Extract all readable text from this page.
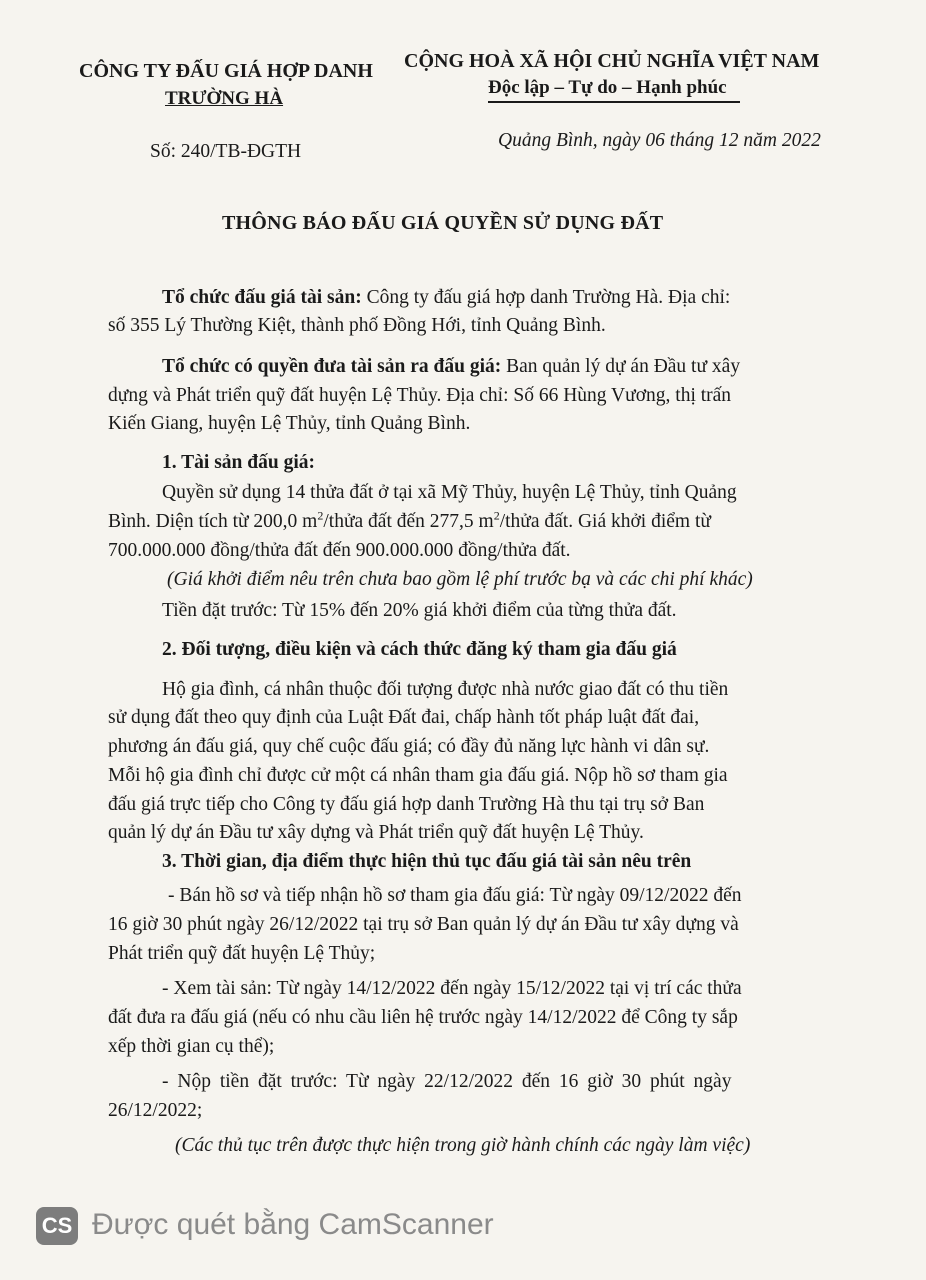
CÔNG TY ĐẤU GIÁ HỢP DANH
TRƯỜNG HÀ
CỘNG HOÀ XÃ HỘI CHỦ NGHĨA VIỆT NAM
Độc lập – Tự do – Hạnh phúc
Số: 240/TB-ĐGTH
Quảng Bình, ngày 06 tháng 12 năm 2022
THÔNG BÁO ĐẤU GIÁ QUYỀN SỬ DỤNG ĐẤT
Tổ chức đấu giá tài sản: Công ty đấu giá hợp danh Trường Hà. Địa chỉ:
số 355 Lý Thường Kiệt, thành phố Đồng Hới, tỉnh Quảng Bình.
Tổ chức có quyền đưa tài sản ra đấu giá: Ban quản lý dự án Đầu tư xây
dựng và Phát triển quỹ đất huyện Lệ Thủy. Địa chỉ: Số 66 Hùng Vương, thị trấn
Kiến Giang, huyện Lệ Thủy, tỉnh Quảng Bình.
1. Tài sản đấu giá:
Quyền sử dụng 14 thửa đất ở tại xã Mỹ Thủy, huyện Lệ Thủy, tỉnh Quảng
Bình. Diện tích từ 200,0 $m^2$/thửa đất đến 277,5 $m^2$/thửa đất. Giá khởi điểm từ
700.000.000 đồng/thửa đất đến 900.000.000 đồng/thửa đất.
(Giá khởi điểm nêu trên chưa bao gồm lệ phí trước bạ và các chi phí khác)
Tiền đặt trước: Từ 15% đến 20% giá khởi điểm của từng thửa đất.
2. Đối tượng, điều kiện và cách thức đăng ký tham gia đấu giá
Hộ gia đình, cá nhân thuộc đối tượng được nhà nước giao đất có thu tiền
sử dụng đất theo quy định của Luật Đất đai, chấp hành tốt pháp luật đất đai,
phương án đấu giá, quy chế cuộc đấu giá; có đầy đủ năng lực hành vi dân sự.
Mỗi hộ gia đình chỉ được cử một cá nhân tham gia đấu giá. Nộp hồ sơ tham gia
đấu giá trực tiếp cho Công ty đấu giá hợp danh Trường Hà thu tại trụ sở Ban
quản lý dự án Đầu tư xây dựng và Phát triển quỹ đất huyện Lệ Thủy.
3. Thời gian, địa điểm thực hiện thủ tục đấu giá tài sản nêu trên
- Bán hồ sơ và tiếp nhận hồ sơ tham gia đấu giá: Từ ngày 09/12/2022 đến
16 giờ 30 phút ngày 26/12/2022 tại trụ sở Ban quản lý dự án Đầu tư xây dựng và
Phát triển quỹ đất huyện Lệ Thủy;
- Xem tài sản: Từ ngày 14/12/2022 đến ngày 15/12/2022 tại vị trí các thửa
đất đưa ra đấu giá (nếu có nhu cầu liên hệ trước ngày 14/12/2022 để Công ty sắp
xếp thời gian cụ thể);
- Nộp tiền đặt trước: Từ ngày 22/12/2022 đến 16 giờ 30 phút ngày
26/12/2022;
(Các thủ tục trên được thực hiện trong giờ hành chính các ngày làm việc)
CS Được quét bằng CamScanner
